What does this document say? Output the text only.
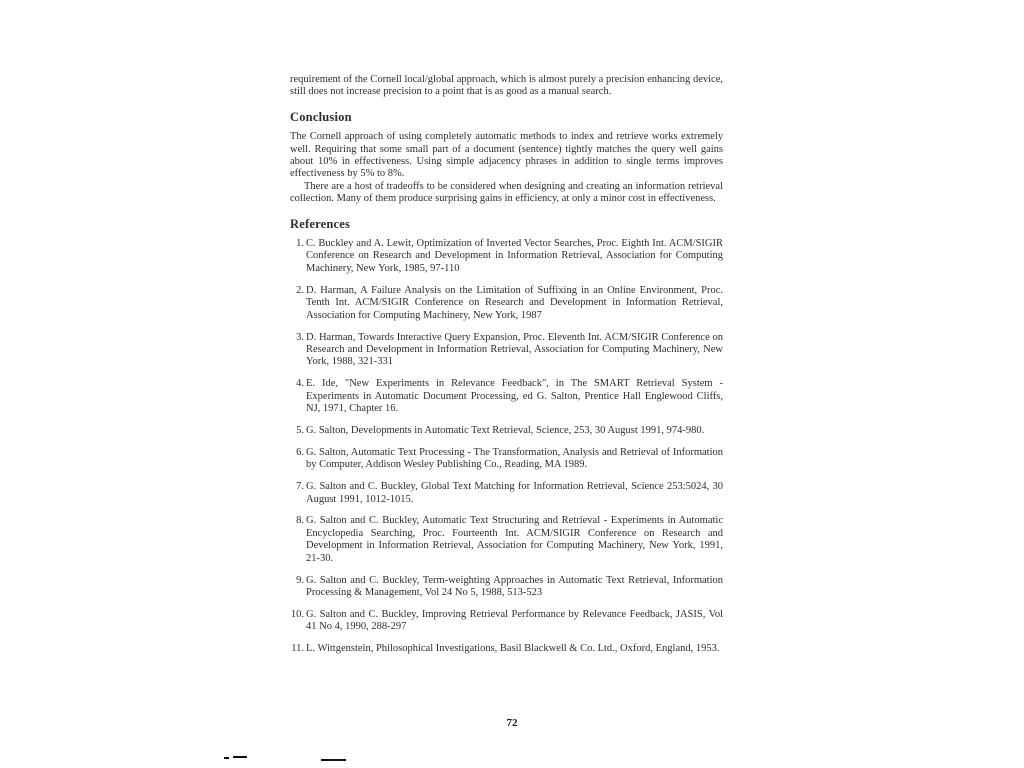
requirement of the Cornell local/global approach, which is almost purely a precision enhancing device, still does not increase precision to a point that is as good as a manual search.

Conclusion

The Cornell approach of using completely automatic methods to index and retrieve works extremely well. Requiring that some small part of a document (sentence) tightly matches the query well gains about 10% in effectiveness. Using simple adjacency phrases in addition to single terms improves effectiveness by 5% to 8%.

There are a host of tradeoffs to be considered when designing and creating an information retrieval collection. Many of them produce surprising gains in efficiency, at only a minor cost in effectiveness.

References
C. Buckley and A. Lewit, Optimization of Inverted Vector Searches, Proc. Eighth Int. ACM/SIGIR Conference on Research and Development in Information Retrieval, Association for Computing Machinery, New York, 1985, 97-110
D. Harman, A Failure Analysis on the Limitation of Suffixing in an Online Environment, Proc. Tenth Int. ACM/SIGIR Conference on Research and Development in Information Retrieval, Association for Computing Machinery, New York, 1987
D. Harman, Towards Interactive Query Expansion, Proc. Eleventh Int. ACM/SIGIR Conference on Research and Development in Information Retrieval, Association for Computing Machinery, New York, 1988, 321-331
E. Ide, "New Experiments in Relevance Feedback", in The SMART Retrieval System - Experiments in Automatic Document Processing, ed G. Salton, Prentice Hall Englewood Cliffs, NJ, 1971, Chapter 16.
G. Salton, Developments in Automatic Text Retrieval, Science, 253, 30 August 1991, 974-980.
G. Salton, Automatic Text Processing - The Transformation, Analysis and Retrieval of Information by Computer, Addison Wesley Publishing Co., Reading, MA 1989.
G. Salton and C. Buckley, Global Text Matching for Information Retrieval, Science 253:5024, 30 August 1991, 1012-1015.
G. Salton and C. Buckley, Automatic Text Structuring and Retrieval - Experiments in Automatic Encyclopedia Searching, Proc. Fourteenth Int. ACM/SIGIR Conference on Research and Development in Information Retrieval, Association for Computing Machinery, New York, 1991, 21-30.
G. Salton and C. Buckley, Term-weighting Approaches in Automatic Text Retrieval, Information Processing & Management, Vol 24 No 5, 1988, 513-523
G. Salton and C. Buckley, Improving Retrieval Performance by Relevance Feedback, JASIS, Vol 41 No 4, 1990, 288-297
L. Wittgenstein, Philosophical Investigations, Basil Blackwell & Co. Ltd., Oxford, England, 1953.
72
